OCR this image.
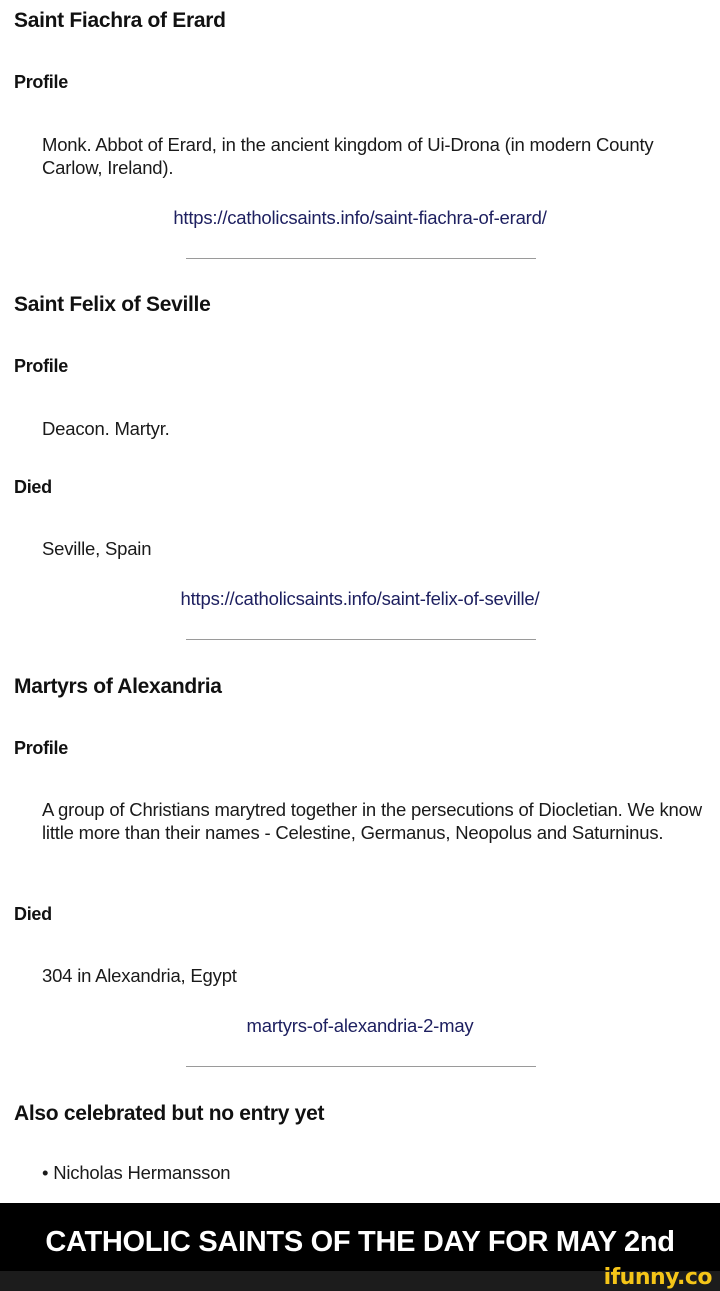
Saint Fiachra of Erard
Profile
Monk. Abbot of Erard, in the ancient kingdom of Ui-Drona (in modern County Carlow, Ireland).
https://catholicsaints.info/saint-fiachra-of-erard/
Saint Felix of Seville
Profile
Deacon. Martyr.
Died
Seville, Spain
https://catholicsaints.info/saint-felix-of-seville/
Martyrs of Alexandria
Profile
A group of Christians marytred together in the persecutions of Diocletian. We know little more than their names - Celestine, Germanus, Neopolus and Saturninus.
Died
304 in Alexandria, Egypt
martyrs-of-alexandria-2-may
Also celebrated but no entry yet
• Nicholas Hermansson
CATHOLIC SAINTS OF THE DAY FOR MAY 2nd
ifunny.co
